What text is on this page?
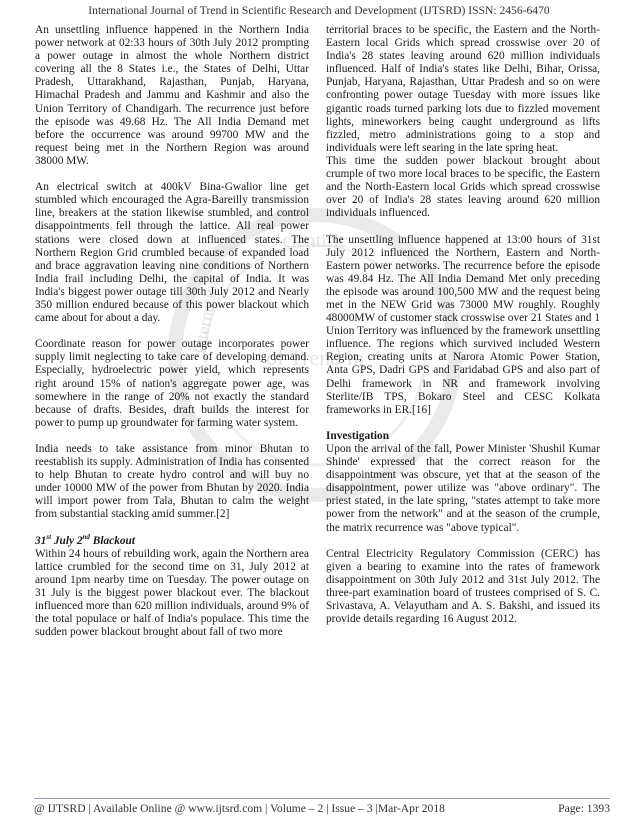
International Journal of Trend in Scientific Research and Development (IJTSRD) ISSN: 2456-6470
cientific
Internation
of Trend in

An unsettling influence happened in the Northern India power network at 02:33 hours of 30th July 2012 prompting a power outage in almost the whole Northern district covering all the 8 States i.e., the States of Delhi, Uttar Pradesh, Uttarakhand, Rajasthan, Punjab, Haryana, Himachal Pradesh and Jammu and Kashmir and also the Union Territory of Chandigarh. The recurrence just before the episode was 49.68 Hz. The All India Demand met before the occurrence was around 99700 MW and the request being met in the Northern Region was around 38000 MW.

An electrical switch at 400kV Bina-Gwalior line get stumbled which encouraged the Agra-Bareilly transmission line, breakers at the station likewise stumbled, and control disappointments fell through the lattice. All real power stations were closed down at influenced states. The Northern Region Grid crumbled because of expanded load and brace aggravation leaving nine conditions of Northern India frail including Delhi, the capital of India. It was India's biggest power outage till 30th July 2012 and Nearly 350 million endured because of this power blackout which came about for about a day.

Coordinate reason for power outage incorporates power supply limit neglecting to take care of developing demand. Especially, hydroelectric power yield, which represents right around 15% of nation's aggregate power age, was somewhere in the range of 20% not exactly the standard because of drafts. Besides, draft builds the interest for power to pump up groundwater for farming water system.

India needs to take assistance from minor Bhutan to reestablish its supply. Administration of India has consented to help Bhutan to create hydro control and will buy no under 10000 MW of the power from Bhutan by 2020. India will import power from Tala, Bhutan to calm the weight from substantial stacking amid summer.[2]

31st July 2nd Blackout

Within 24 hours of rebuilding work, again the Northern area lattice crumbled for the second time on 31, July 2012 at around 1pm nearby time on Tuesday. The power outage on 31 July is the biggest power blackout ever. The blackout influenced more than 620 million individuals, around 9% of the total populace or half of India's populace. This time the sudden power blackout brought about fall of two more

territorial braces to be specific, the Eastern and the North-Eastern local Grids which spread crosswise over 20 of India's 28 states leaving around 620 million individuals influenced. Half of India's states like Delhi, Bihar, Orissa, Punjab, Haryana, Rajasthan, Uttar Pradesh and so on were confronting power outage Tuesday with more issues like gigantic roads turned parking lots due to fizzled movement lights, mineworkers being caught underground as lifts fizzled, metro administrations going to a stop and individuals were left searing in the late spring heat.

This time the sudden power blackout brought about crumple of two more local braces to be specific, the Eastern and the North-Eastern local Grids which spread crosswise over 20 of India's 28 states leaving around 620 million individuals influenced.

The unsettling influence happened at 13:00 hours of 31st July 2012 influenced the Northern, Eastern and North-Eastern power networks. The recurrence before the episode was 49.84 Hz. The All India Demand Met only preceding the episode was around 100,500 MW and the request being met in the NEW Grid was 73000 MW roughly. Roughly 48000MW of customer stack crosswise over 21 States and 1 Union Territory was influenced by the framework unsettling influence. The regions which survived included Western Region, creating units at Narora Atomic Power Station, Anta GPS, Dadri GPS and Faridabad GPS and also part of Delhi framework in NR and framework involving Sterlite/IB TPS, Bokaro Steel and CESC Kolkata frameworks in ER.[16]

Investigation

Upon the arrival of the fall, Power Minister 'Shushil Kumar Shinde' expressed that the correct reason for the disappointment was obscure, yet that at the season of the disappointment, power utilize was "above ordinary". The priest stated, in the late spring, "states attempt to take more power from the network" and at the season of the crumple, the matrix recurrence was "above typical".

Central Electricity Regulatory Commission (CERC) has given a bearing to examine into the rates of framework disappointment on 30th July 2012 and 31st July 2012. The three-part examination board of trustees comprised of S. C. Srivastava, A. Velayutham and A. S. Bakshi, and issued its provide details regarding 16 August 2012.

@ IJTSRD | Available Online @ www.ijtsrd.com | Volume – 2 | Issue – 3 |Mar-Apr 2018	Page: 1393
